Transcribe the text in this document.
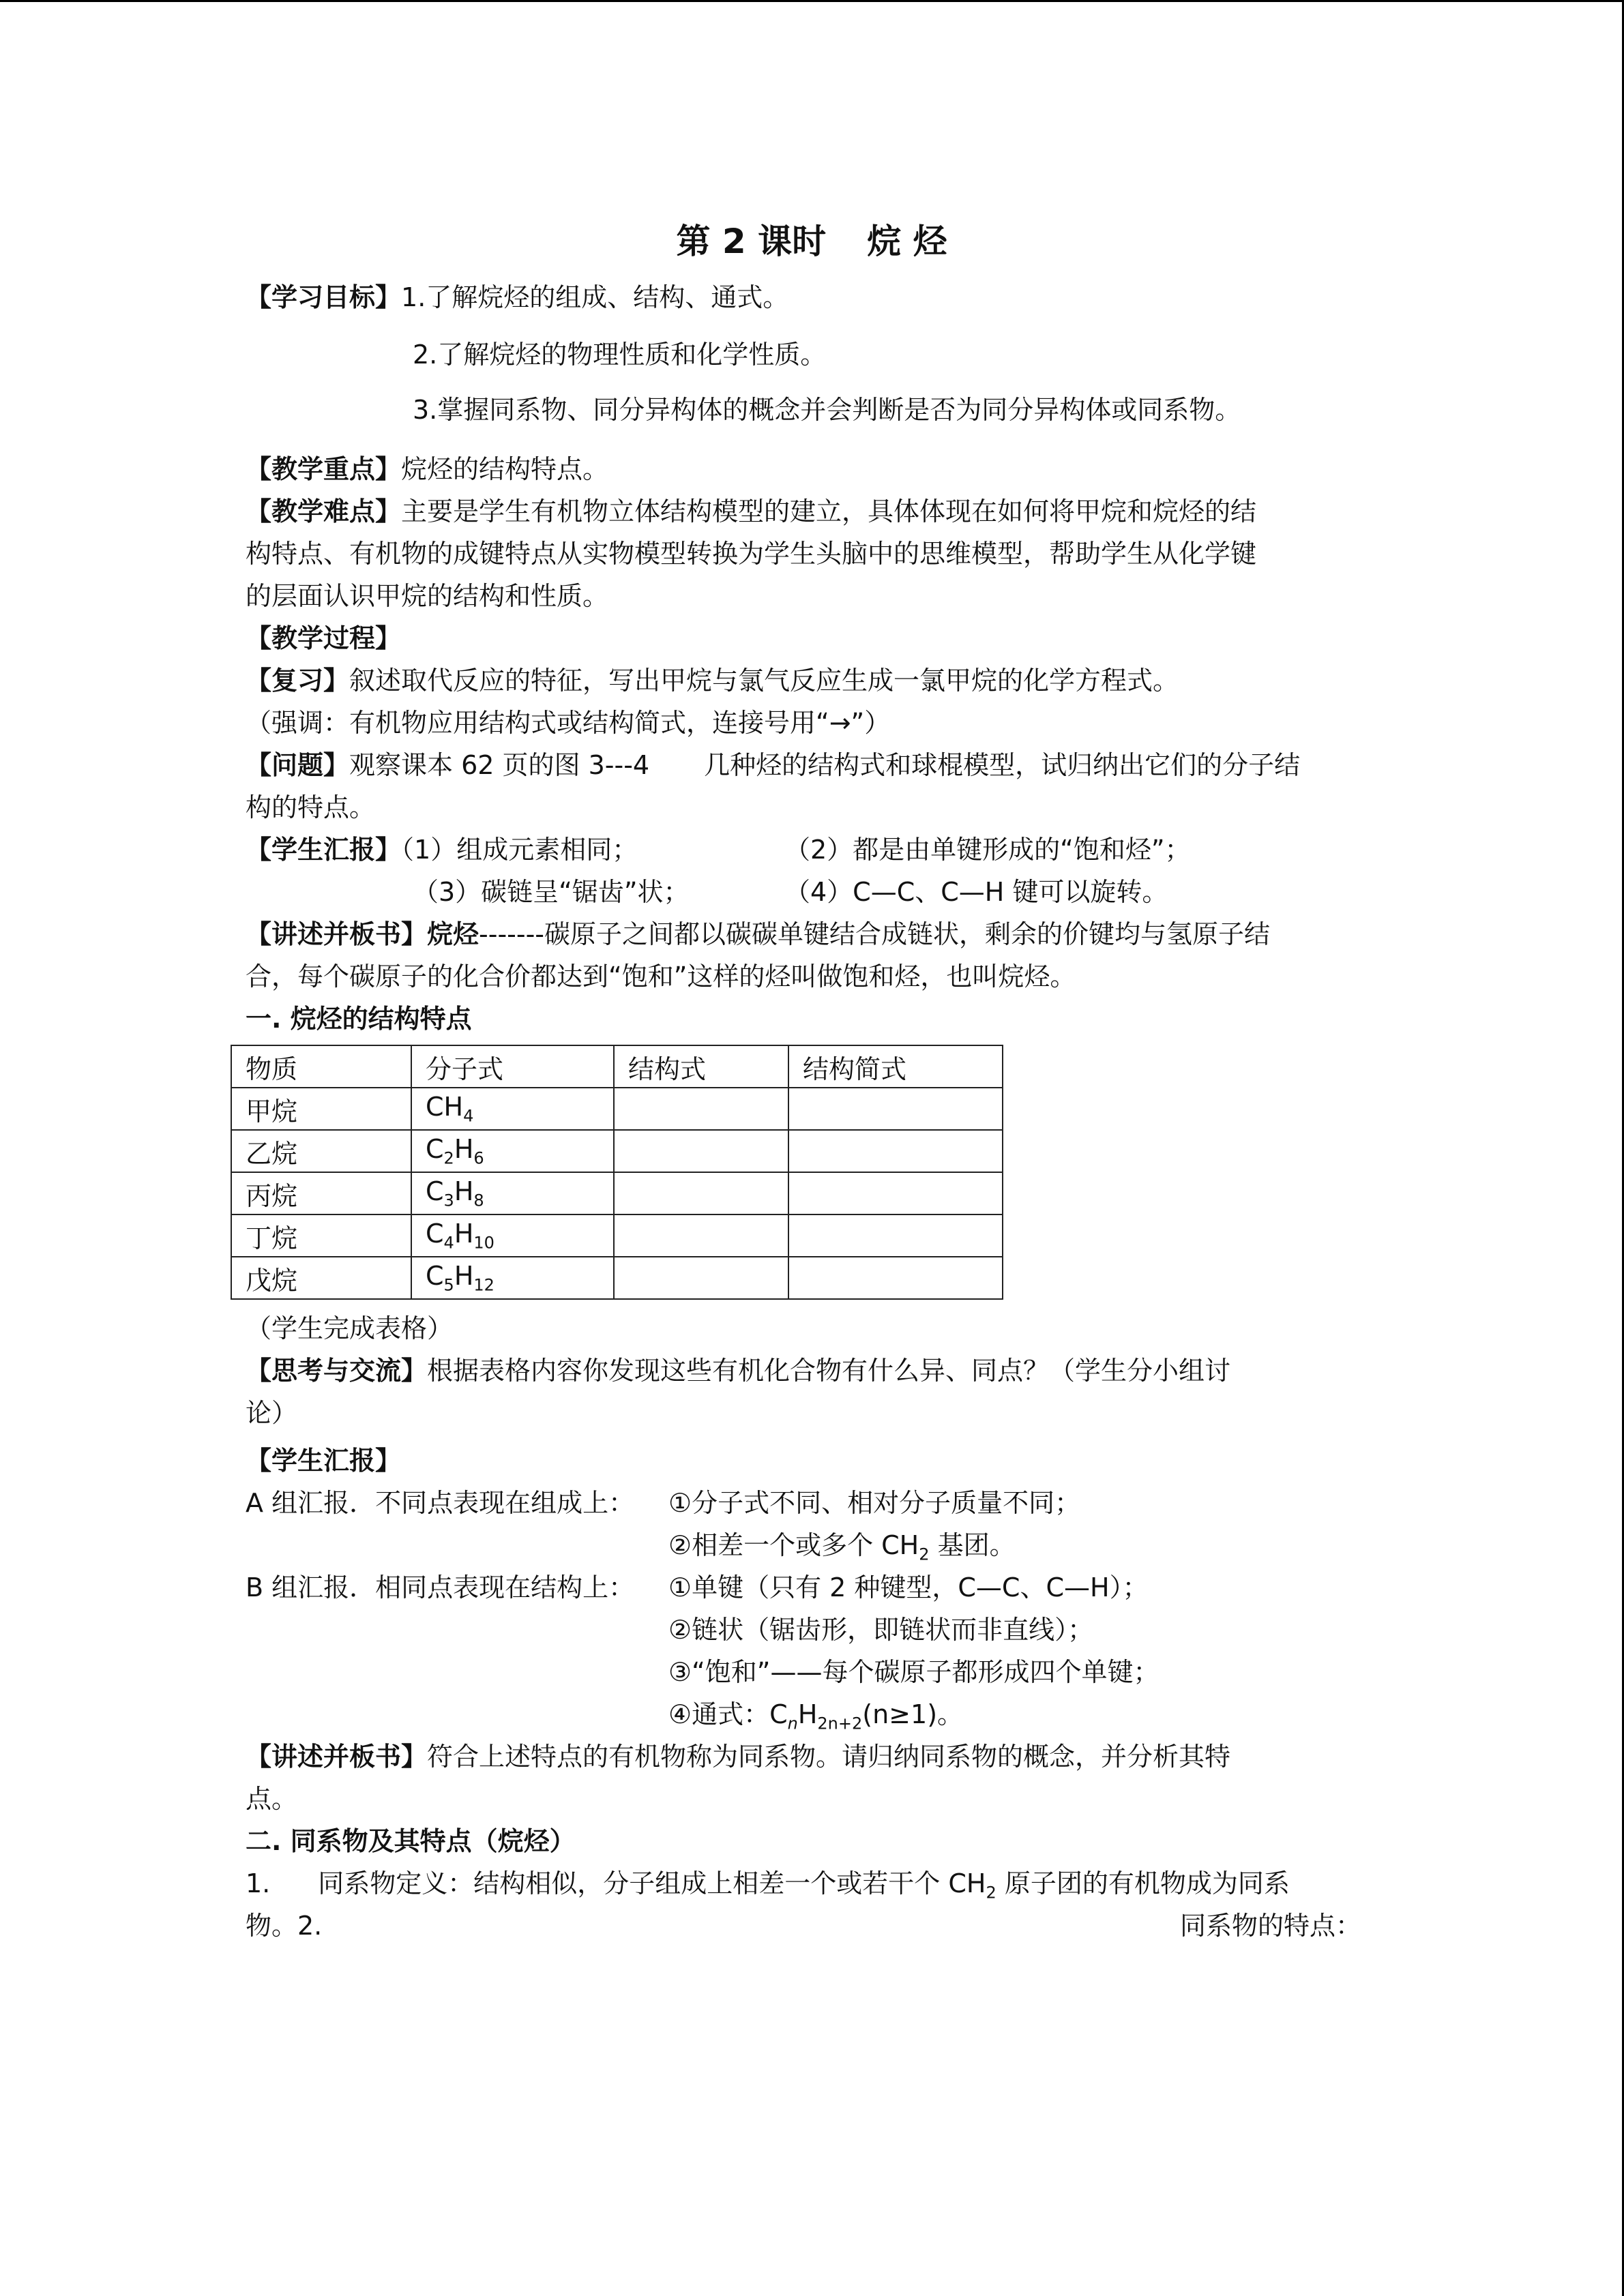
第 2 课时 烷 烃
【学习目标】1.了解烷烃的组成、结构、通式。
2.了解烷烃的物理性质和化学性质。
3.掌握同系物、同分异构体的概念并会判断是否为同分异构体或同系物。
【教学重点】烷烃的结构特点。
【教学难点】主要是学生有机物立体结构模型的建立，具体体现在如何将甲烷和烷烃的结
构特点、有机物的成键特点从实物模型转换为学生头脑中的思维模型，帮助学生从化学键
的层面认识甲烷的结构和性质。
【教学过程】
【复习】叙述取代反应的特征，写出甲烷与氯气反应生成一氯甲烷的化学方程式。
（强调：有机物应用结构式或结构简式，连接号用“→”）
【问题】观察课本 62 页的图 3---4 几种烃的结构式和球棍模型，试归纳出它们的分子结
构的特点。
【学生汇报】（1）组成元素相同；	（2）都是由单键形成的“饱和烃”；
（3）碳链呈“锯齿”状；	（4）C—C、C—H 键可以旋转。
【讲述并板书】烷烃-------碳原子之间都以碳碳单键结合成链状，剩余的价键均与氢原子结
合，每个碳原子的化合价都达到“饱和”这样的烃叫做饱和烃，也叫烷烃。
一. 烷烃的结构特点
物质	分子式	结构式	结构简式
甲烷	$CH_4$		
乙烷	$C_2H_6$		
丙烷	$C_3H_8$		
丁烷	$C_4H_{10}$		
戊烷	$C_5H_{12}$		
（学生完成表格）
【思考与交流】根据表格内容你发现这些有机化合物有什么异、同点？（学生分小组讨
论）
【学生汇报】
A 组汇报．不同点表现在组成上： ①分子式不同、相对分子质量不同；
②相差一个或多个 $CH_2$ 基团。
B 组汇报．相同点表现在结构上： ①单键（只有 2 种键型，C—C、C—H）；
②链状（锯齿形，即链状而非直线）；
③“饱和”——每个碳原子都形成四个单键；
④通式：$C_nH_{2n+2}(n\ge 1)$。
【讲述并板书】符合上述特点的有机物称为同系物。请归纳同系物的概念，并分析其特
点。
二. 同系物及其特点（烷烃）
1. 同系物定义：结构相似，分子组成上相差一个或若干个 $CH_2$ 原子团的有机物成为同系
物。2.	同系物的特点：
